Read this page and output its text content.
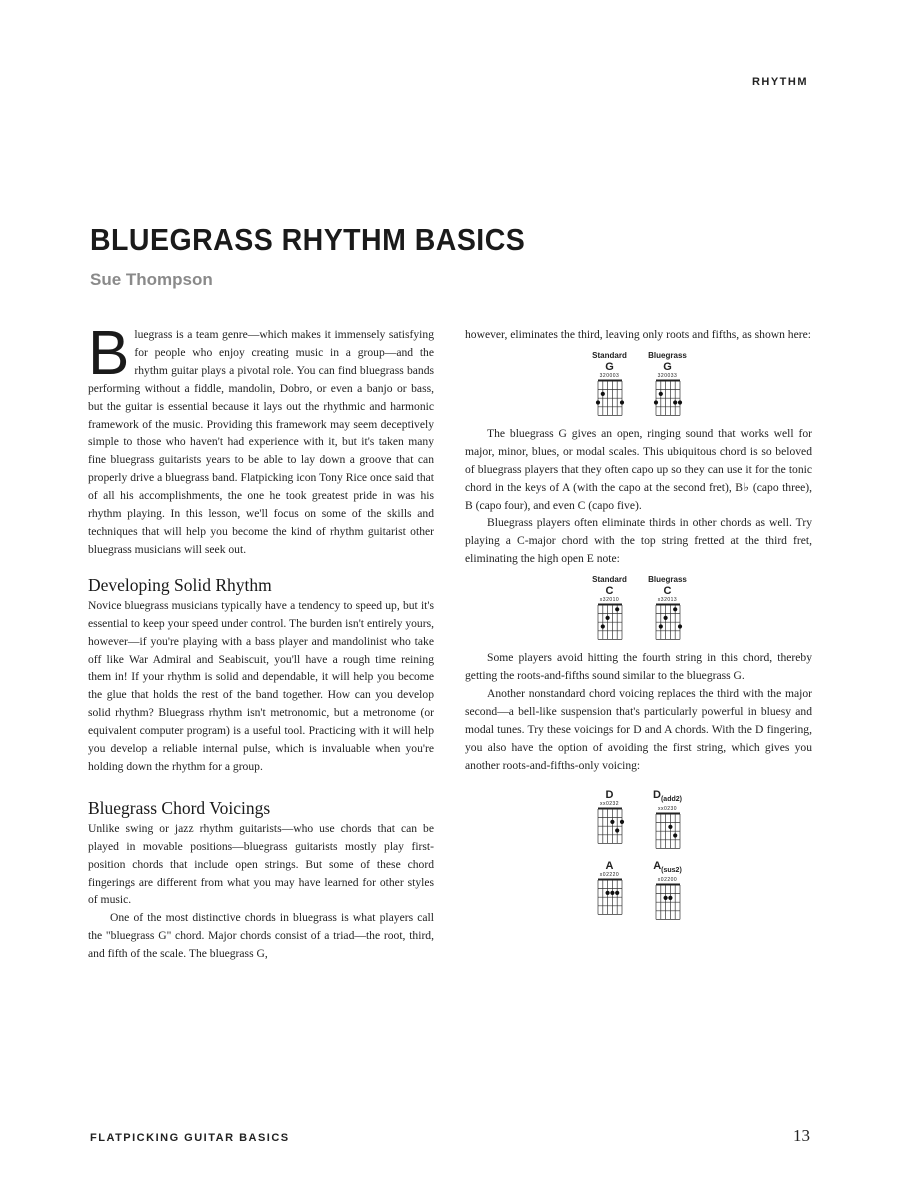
RHYTHM
BLUEGRASS RHYTHM BASICS
Sue Thompson

Bluegrass is a team genre—which makes it immensely satisfying for people who enjoy creating music in a group—and the rhythm guitar plays a pivotal role. You can find bluegrass bands performing without a fiddle, mandolin, Dobro, or even a banjo or bass, but the guitar is essential because it lays out the rhythmic and harmonic framework of the music. Providing this framework may seem deceptively simple to those who haven't had experience with it, but it's taken many fine bluegrass guitarists years to be able to lay down a groove that can properly drive a bluegrass band. Flatpicking icon Tony Rice once said that of all his accomplishments, the one he took greatest pride in was his rhythm playing. In this lesson, we'll focus on some of the skills and techniques that will help you become the kind of rhythm guitarist other bluegrass musicians will seek out.

Developing Solid Rhythm

Novice bluegrass musicians typically have a tendency to speed up, but it's essential to keep your speed under control. The burden isn't entirely yours, however—if you're playing with a bass player and mandolinist who take off like War Admiral and Seabiscuit, you'll have a rough time reining them in! If your rhythm is solid and dependable, it will help you become the glue that holds the rest of the band together. How can you develop solid rhythm? Bluegrass rhythm isn't metronomic, but a metronome (or equivalent computer program) is a useful tool. Practicing with it will help you develop a reliable internal pulse, which is invaluable when you're holding down the rhythm for a group.

Bluegrass Chord Voicings

Unlike swing or jazz rhythm guitarists—who use chords that can be played in movable positions—bluegrass guitarists mostly play first-position chords that include open strings. But some of these chord fingerings are different from what you may have learned for other styles of music.

One of the most distinctive chords in bluegrass is what players call the "bluegrass G" chord. Major chords consist of a triad—the root, third, and fifth of the scale. The bluegrass G,

however, eliminates the third, leaving only roots and fifths, as shown here:

Standard
G
320003
Bluegrass
G
320033

The bluegrass G gives an open, ringing sound that works well for major, minor, blues, or modal scales. This ubiquitous chord is so beloved of bluegrass players that they often capo up so they can use it for the tonic chord in the keys of A (with the capo at the second fret), B♭ (capo three), B (capo four), and even C (capo five).

Bluegrass players often eliminate thirds in other chords as well. Try playing a C-major chord with the top string fretted at the third fret, eliminating the high open E note:

Standard
C
x32010
Bluegrass
C
x32013

Some players avoid hitting the fourth string in this chord, thereby getting the roots-and-fifths sound similar to the bluegrass G.

Another nonstandard chord voicing replaces the third with the major second—a bell-like suspension that's particularly powerful in bluesy and modal tunes. Try these voicings for D and A chords. With the D fingering, you also have the option of avoiding the first string, which gives you another roots-and-fifths-only voicing:

D
xx0232
$D_{(add2)}$
xx0230
A
x02220
$A_{(sus2)}$
x02200
FLATPICKING GUITAR BASICS	13
